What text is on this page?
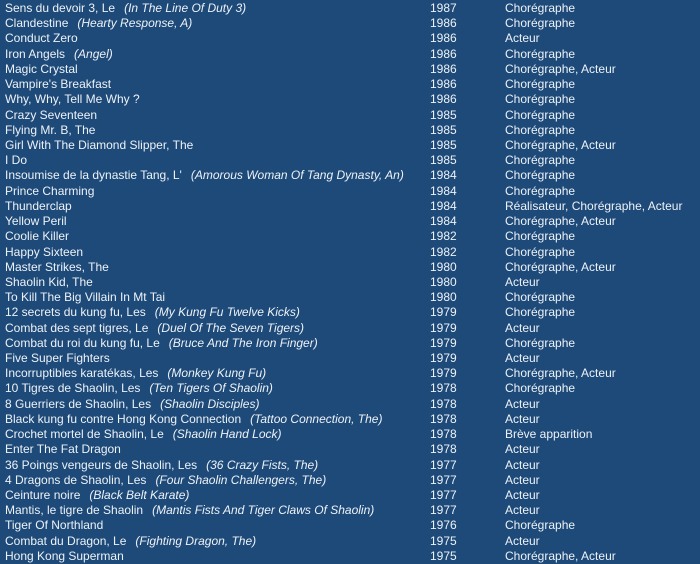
Sens du devoir 3, Le (In The Line Of Duty 3)	1987	Chorégraphe
Clandestine (Hearty Response, A)	1986	Chorégraphe
Conduct Zero	1986	Acteur
Iron Angels (Angel)	1986	Chorégraphe
Magic Crystal	1986	Chorégraphe, Acteur
Vampire's Breakfast	1986	Chorégraphe
Why, Why, Tell Me Why ?	1986	Chorégraphe
Crazy Seventeen	1985	Chorégraphe
Flying Mr. B, The	1985	Chorégraphe
Girl With The Diamond Slipper, The	1985	Chorégraphe, Acteur
I Do	1985	Chorégraphe
Insoumise de la dynastie Tang, L' (Amorous Woman Of Tang Dynasty, An)	1984	Chorégraphe
Prince Charming	1984	Chorégraphe
Thunderclap	1984	Réalisateur, Chorégraphe, Acteur
Yellow Peril	1984	Chorégraphe, Acteur
Coolie Killer	1982	Chorégraphe
Happy Sixteen	1982	Chorégraphe
Master Strikes, The	1980	Chorégraphe, Acteur
Shaolin Kid, The	1980	Acteur
To Kill The Big Villain In Mt Tai	1980	Chorégraphe
12 secrets du kung fu, Les (My Kung Fu Twelve Kicks)	1979	Chorégraphe
Combat des sept tigres, Le (Duel Of The Seven Tigers)	1979	Acteur
Combat du roi du kung fu, Le (Bruce And The Iron Finger)	1979	Chorégraphe
Five Super Fighters	1979	Acteur
Incorruptibles karatékas, Les (Monkey Kung Fu)	1979	Chorégraphe, Acteur
10 Tigres de Shaolin, Les (Ten Tigers Of Shaolin)	1978	Chorégraphe
8 Guerriers de Shaolin, Les (Shaolin Disciples)	1978	Acteur
Black kung fu contre Hong Kong Connection (Tattoo Connection, The)	1978	Acteur
Crochet mortel de Shaolin, Le (Shaolin Hand Lock)	1978	Brève apparition
Enter The Fat Dragon	1978	Acteur
36 Poings vengeurs de Shaolin, Les (36 Crazy Fists, The)	1977	Acteur
4 Dragons de Shaolin, Les (Four Shaolin Challengers, The)	1977	Acteur
Ceinture noire (Black Belt Karate)	1977	Acteur
Mantis, le tigre de Shaolin (Mantis Fists And Tiger Claws Of Shaolin)	1977	Acteur
Tiger Of Northland	1976	Chorégraphe
Combat du Dragon, Le (Fighting Dragon, The)	1975	Acteur
Hong Kong Superman	1975	Chorégraphe, Acteur
